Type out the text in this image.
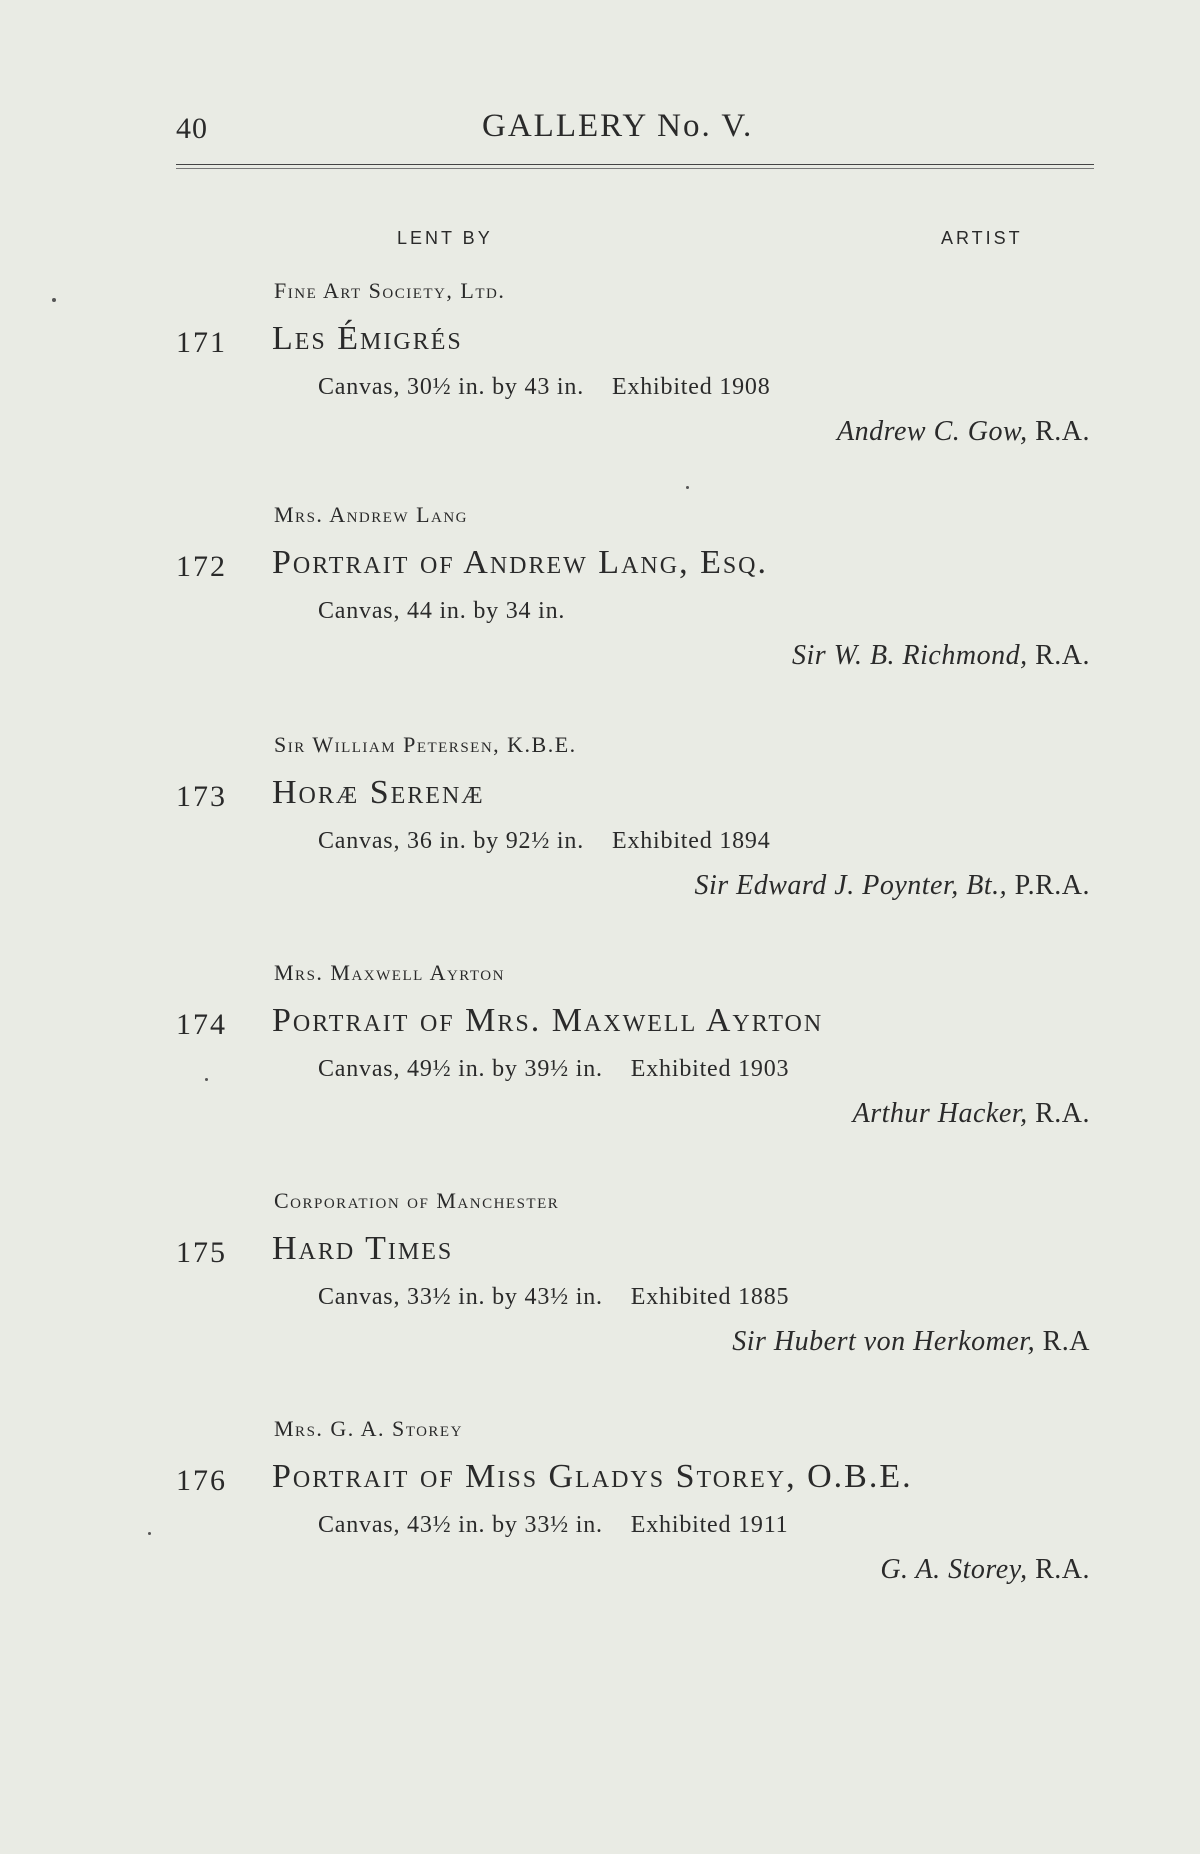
40	GALLERY No. V.
LENT BY	ARTIST
Fine Art Society, Ltd.
171 Les Émigrés
Canvas, 30½ in. by 43 in. Exhibited 1908
Andrew C. Gow, R.A.
Mrs. Andrew Lang
172 Portrait of Andrew Lang, Esq.
Canvas, 44 in. by 34 in.
Sir W. B. Richmond, R.A.
Sir William Petersen, K.B.E.
173 Horæ Serenæ
Canvas, 36 in. by 92½ in. Exhibited 1894
Sir Edward J. Poynter, Bt., P.R.A.
Mrs. Maxwell Ayrton
174 Portrait of Mrs. Maxwell Ayrton
Canvas, 49½ in. by 39½ in. Exhibited 1903
Arthur Hacker, R.A.
Corporation of Manchester
175 Hard Times
Canvas, 33½ in. by 43½ in. Exhibited 1885
Sir Hubert von Herkomer, R.A
Mrs. G. A. Storey
176 Portrait of Miss Gladys Storey, O.B.E.
Canvas, 43½ in. by 33½ in. Exhibited 1911
G. A. Storey, R.A.
